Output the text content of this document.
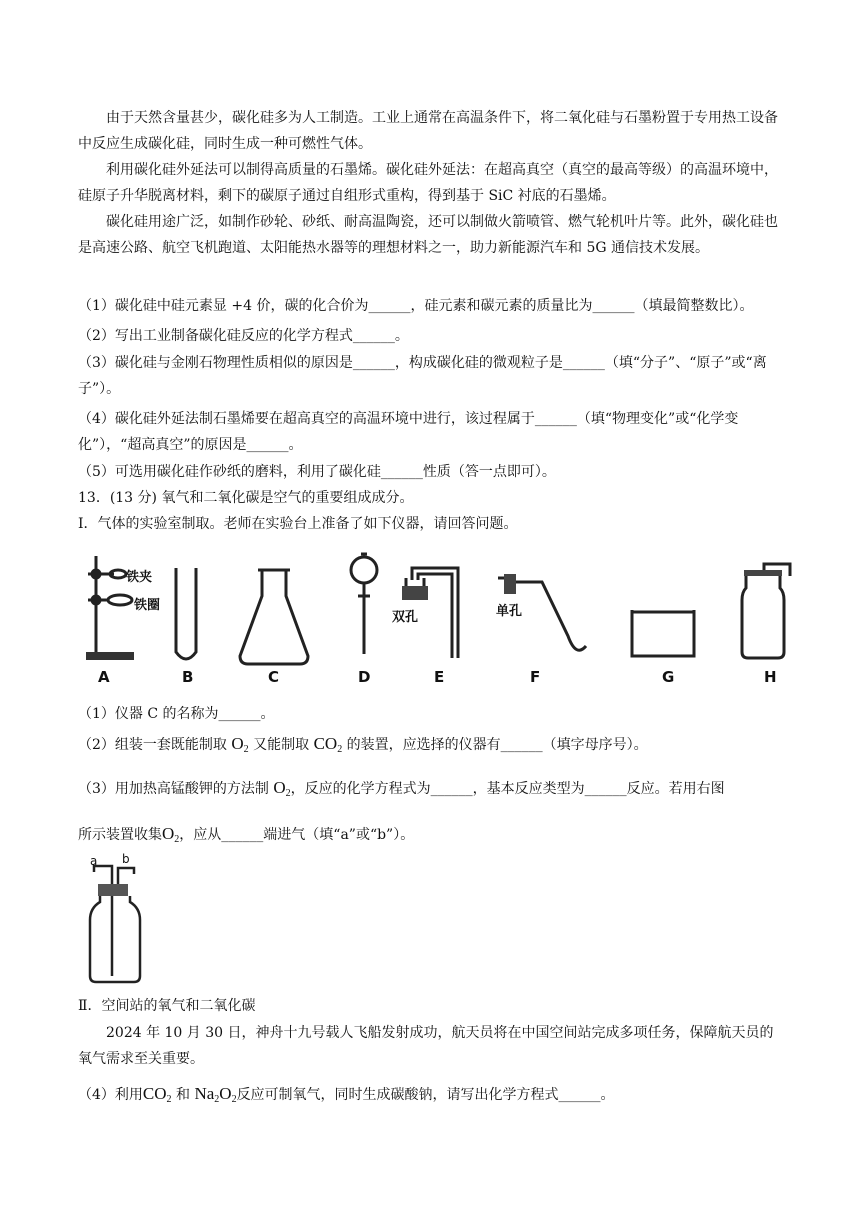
由于天然含量甚少，碳化硅多为人工制造。工业上通常在高温条件下，将二氧化硅与石墨粉置于专用热工设备中反应生成碳化硅，同时生成一种可燃性气体。

利用碳化硅外延法可以制得高质量的石墨烯。碳化硅外延法：在超高真空（真空的最高等级）的高温环境中，硅原子升华脱离材料，剩下的碳原子通过自组形式重构，得到基于 SiC 衬底的石墨烯。

碳化硅用途广泛，如制作砂轮、砂纸、耐高温陶瓷，还可以制做火箭喷管、燃气轮机叶片等。此外，碳化硅也是高速公路、航空飞机跑道、太阳能热水器等的理想材料之一，助力新能源汽车和 5G 通信技术发展。

（1）碳化硅中硅元素显 +4 价，碳的化合价为______，硅元素和碳元素的质量比为______（填最简整数比）。

（2）写出工业制备碳化硅反应的化学方程式______。

（3）碳化硅与金刚石物理性质相似的原因是______，构成碳化硅的微观粒子是______（填“分子”、“原子”或“离子”）。

（4）碳化硅外延法制石墨烯要在超高真空的高温环境中进行，该过程属于______（填“物理变化”或“化学变化”），“超高真空”的原因是______。

（5）可选用碳化硅作砂纸的磨料，利用了碳化硅______性质（答一点即可）。

13．(13 分) 氧气和二氧化碳是空气的重要组成成分。

Ⅰ．气体的实验室制取。老师在实验台上准备了如下仪器，请回答问题。

铁夹
铁圈
双孔	单孔
A	B	C	D	E	F	G	H

（1）仪器 C 的名称为______。

（2）组装一套既能制取 $O_2$ 又能制取 $CO_2$ 的装置，应选择的仪器有______（填字母序号）。

（3）用加热高锰酸钾的方法制 $O_2$，反应的化学方程式为______，基本反应类型为______反应。若用右图

所示装置收集$O_2$，应从______端进气（填“a”或“b”）。

a b

Ⅱ．空间站的氧气和二氧化碳

2024 年 10 月 30 日，神舟十九号载人飞船发射成功，航天员将在中国空间站完成多项任务，保障航天员的氧气需求至关重要。

（4）利用$CO_2$ 和 $Na_2O_2$反应可制氧气，同时生成碳酸钠，请写出化学方程式______。
